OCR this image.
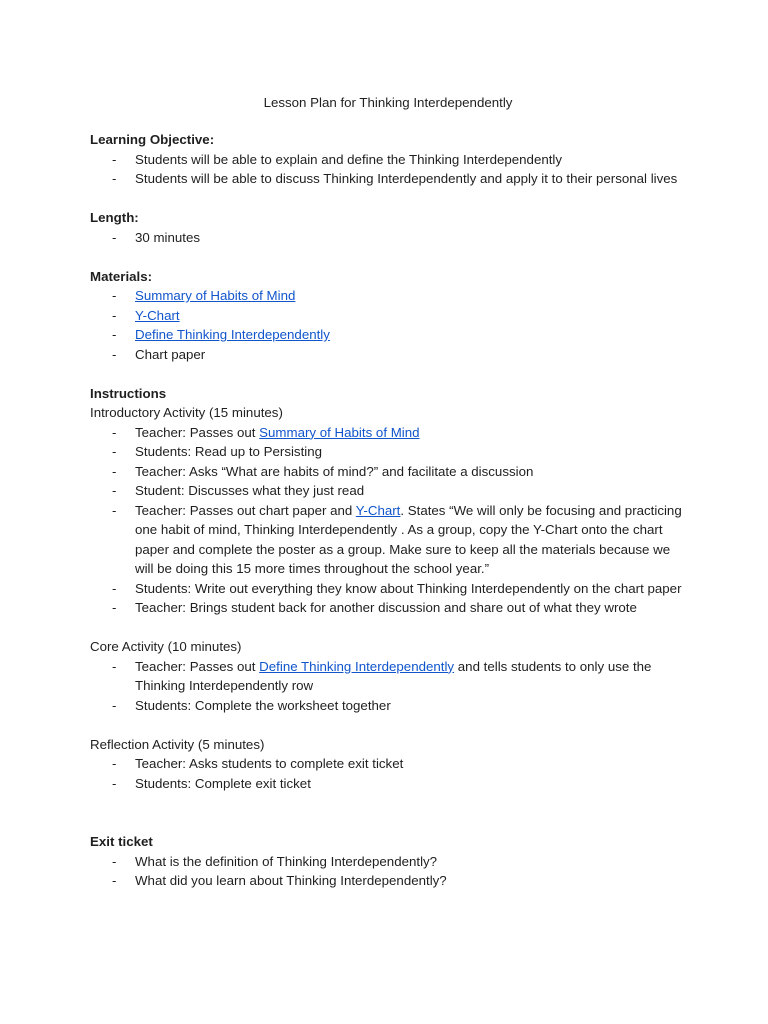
Lesson Plan for Thinking Interdependently
Learning Objective:
- Students will be able to explain and define the Thinking Interdependently
- Students will be able to discuss Thinking Interdependently and apply it to their personal lives
Length:
- 30 minutes
Materials:
- Summary of Habits of Mind
- Y-Chart
- Define Thinking Interdependently
- Chart paper
Instructions
Introductory Activity (15 minutes)
- Teacher: Passes out Summary of Habits of Mind
- Students: Read up to Persisting
- Teacher: Asks “What are habits of mind?” and facilitate a discussion
- Student: Discusses what they just read
- Teacher: Passes out chart paper and Y-Chart. States “We will only be focusing and practicing one habit of mind, Thinking Interdependently . As a group, copy the Y-Chart onto the chart paper and complete the poster as a group. Make sure to keep all the materials because we will be doing this 15 more times throughout the school year.”
- Students: Write out everything they know about Thinking Interdependently on the chart paper
- Teacher: Brings student back for another discussion and share out of what they wrote
Core Activity (10 minutes)
- Teacher: Passes out Define Thinking Interdependently and tells students to only use the Thinking Interdependently row
- Students: Complete the worksheet together
Reflection Activity (5 minutes)
- Teacher: Asks students to complete exit ticket
- Students: Complete exit ticket
Exit ticket
- What is the definition of Thinking Interdependently?
- What did you learn about Thinking Interdependently?
